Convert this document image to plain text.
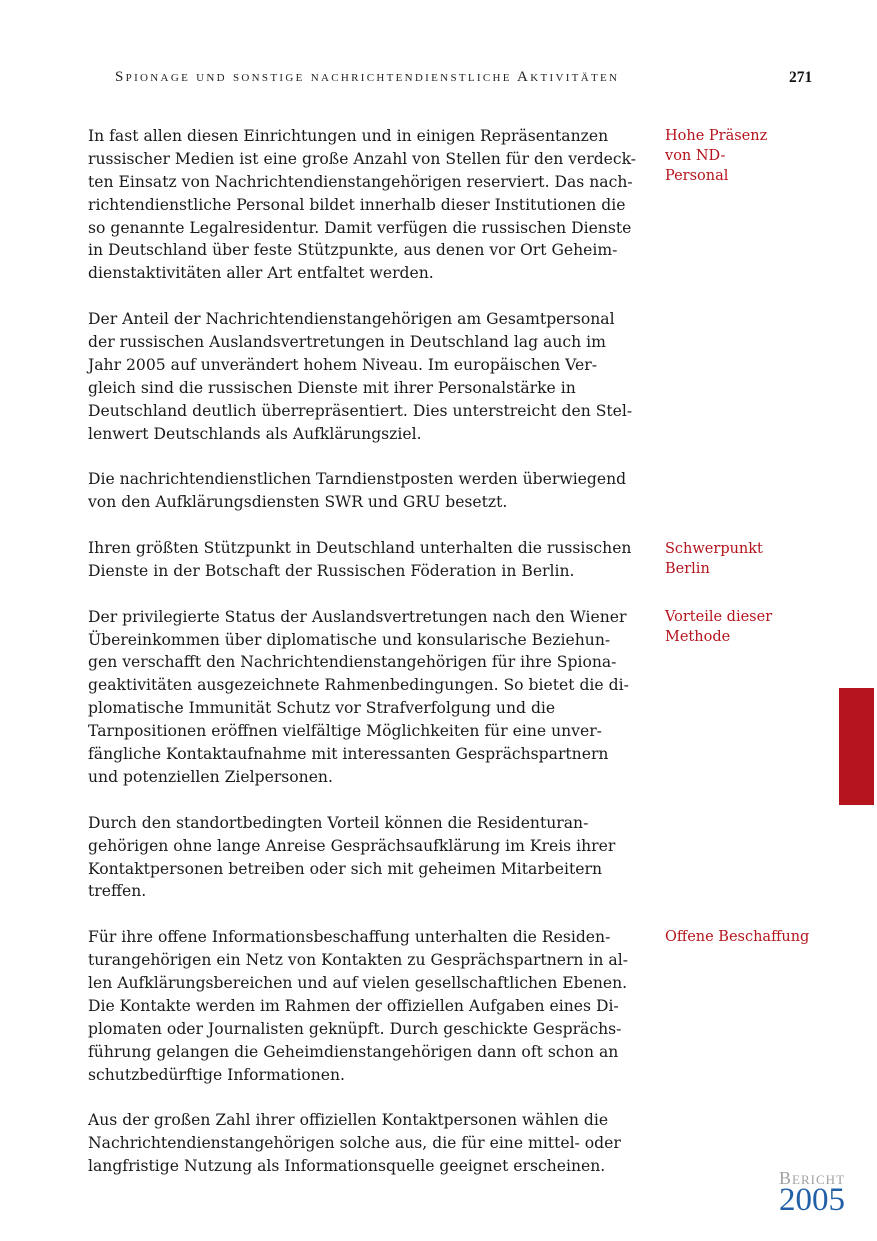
Spionage und sonstige nachrichtendienstliche Aktivitäten	271
In fast allen diesen Einrichtungen und in einigen Repräsentanzen
russischer Medien ist eine große Anzahl von Stellen für den verdeck-
ten Einsatz von Nachrichtendienstangehörigen reserviert. Das nach-
richtendienstliche Personal bildet innerhalb dieser Institutionen die
so genannte Legalresidentur. Damit verfügen die russischen Dienste
in Deutschland über feste Stützpunkte, aus denen vor Ort Geheim-
dienstaktivitäten aller Art entfaltet werden.
Der Anteil der Nachrichtendienstangehörigen am Gesamtpersonal
der russischen Auslandsvertretungen in Deutschland lag auch im
Jahr 2005 auf unverändert hohem Niveau. Im europäischen Ver-
gleich sind die russischen Dienste mit ihrer Personalstärke in
Deutschland deutlich überrepräsentiert. Dies unterstreicht den Stel-
lenwert Deutschlands als Aufklärungsziel.
Die nachrichtendienstlichen Tarndienstposten werden überwiegend
von den Aufklärungsdiensten SWR und GRU besetzt.
Ihren größten Stützpunkt in Deutschland unterhalten die russischen
Dienste in der Botschaft der Russischen Föderation in Berlin.
Der privilegierte Status der Auslandsvertretungen nach den Wiener
Übereinkommen über diplomatische und konsularische Beziehun-
gen verschafft den Nachrichtendienstangehörigen für ihre Spiona-
geaktivitäten ausgezeichnete Rahmenbedingungen. So bietet die di-
plomatische Immunität Schutz vor Strafverfolgung und die
Tarnpositionen eröffnen vielfältige Möglichkeiten für eine unver-
fängliche Kontaktaufnahme mit interessanten Gesprächspartnern
und potenziellen Zielpersonen.
Durch den standortbedingten Vorteil können die Residenturan-
gehörigen ohne lange Anreise Gesprächsaufklärung im Kreis ihrer
Kontaktpersonen betreiben oder sich mit geheimen Mitarbeitern
treffen.
Für ihre offene Informationsbeschaffung unterhalten die Residen-
turangehörigen ein Netz von Kontakten zu Gesprächspartnern in al-
len Aufklärungsbereichen und auf vielen gesellschaftlichen Ebenen.
Die Kontakte werden im Rahmen der offiziellen Aufgaben eines Di-
plomaten oder Journalisten geknüpft. Durch geschickte Gesprächs-
führung gelangen die Geheimdienstangehörigen dann oft schon an
schutzbedürftige Informationen.
Aus der großen Zahl ihrer offiziellen Kontaktpersonen wählen die
Nachrichtendienstangehörigen solche aus, die für eine mittel- oder
langfristige Nutzung als Informationsquelle geeignet erscheinen.
Hohe Präsenz
von ND-
Personal
Schwerpunkt
Berlin
Vorteile dieser
Methode
Offene Beschaffung
Bericht
2005
